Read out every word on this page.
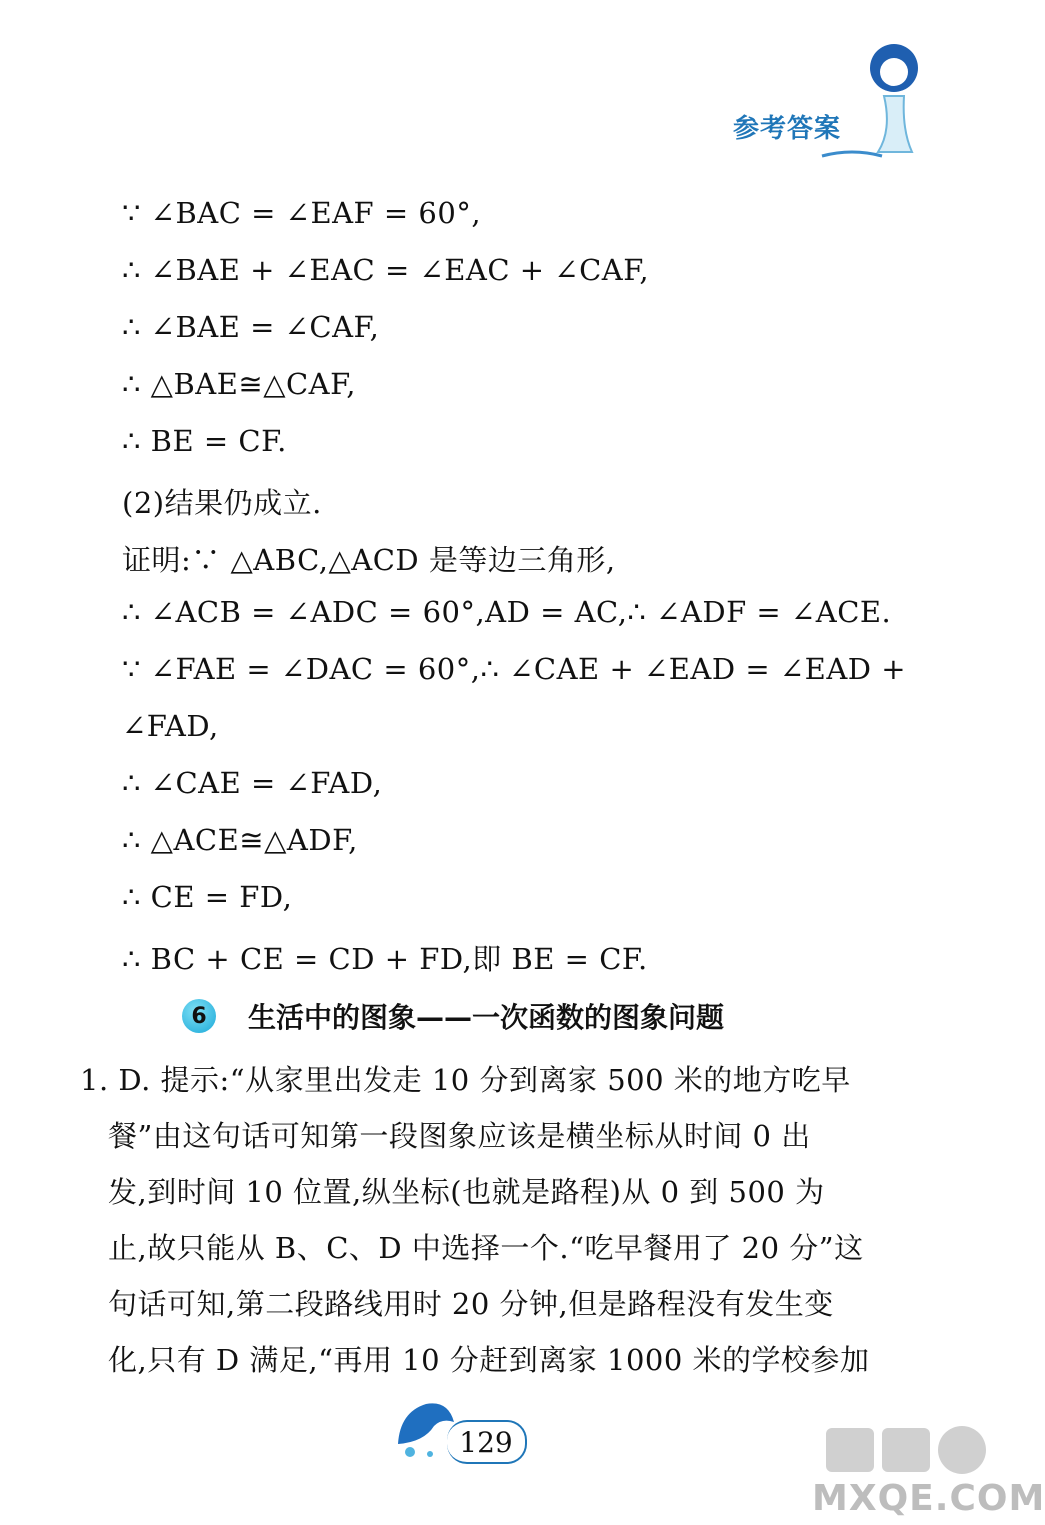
参考答案
∵ ∠BAC = ∠EAF = 60°,
∴ ∠BAE + ∠EAC = ∠EAC + ∠CAF,
∴ ∠BAE = ∠CAF,
∴ △BAE≅△CAF,
∴ BE = CF.
(2)结果仍成立.
证明:∵ △ABC,△ACD 是等边三角形,
∴ ∠ACB = ∠ADC = 60°,AD = AC,∴ ∠ADF = ∠ACE.
∵ ∠FAE = ∠DAC = 60°,∴ ∠CAE + ∠EAD = ∠EAD +
∠FAD,
∴ ∠CAE = ∠FAD,
∴ △ACE≅△ADF,
∴ CE = FD,
∴ BC + CE = CD + FD,即 BE = CF.
6	生活中的图象——一次函数的图象问题
1. D. 提示:“从家里出发走 10 分到离家 500 米的地方吃早
餐”由这句话可知第一段图象应该是横坐标从时间 0 出
发,到时间 10 位置,纵坐标(也就是路程)从 0 到 500 为
止,故只能从 B、C、D 中选择一个.“吃早餐用了 20 分”这
句话可知,第二段路线用时 20 分钟,但是路程没有发生变
化,只有 D 满足,“再用 10 分赶到离家 1000 米的学校参加
129
MXQE.COM
